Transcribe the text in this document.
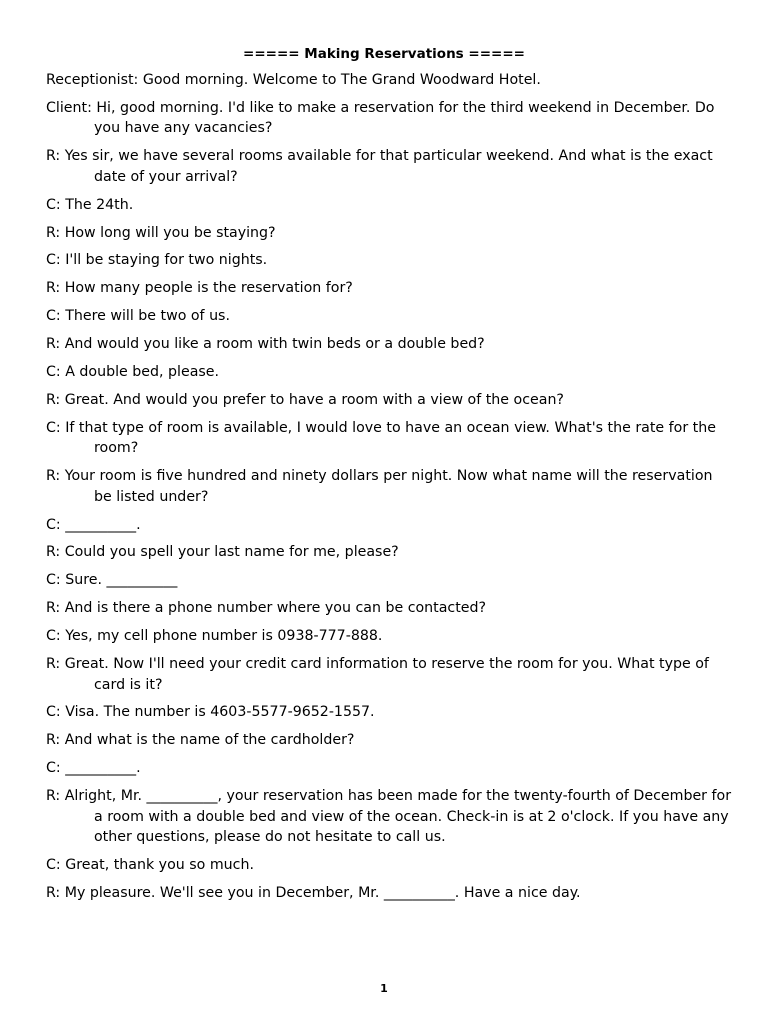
===== Making Reservations =====
Receptionist: Good morning. Welcome to The Grand Woodward Hotel.
Client: Hi, good morning. I'd like to make a reservation for the third weekend in December. Do you have any vacancies?
R: Yes sir, we have several rooms available for that particular weekend. And what is the exact date of your arrival?
C: The 24th.
R: How long will you be staying?
C: I'll be staying for two nights.
R: How many people is the reservation for?
C: There will be two of us.
R: And would you like a room with twin beds or a double bed?
C: A double bed, please.
R: Great. And would you prefer to have a room with a view of the ocean?
C: If that type of room is available, I would love to have an ocean view. What's the rate for the room?
R: Your room is five hundred and ninety dollars per night. Now what name will the reservation be listed under?
C: __________.
R: Could you spell your last name for me, please?
C: Sure. __________
R: And is there a phone number where you can be contacted?
C: Yes, my cell phone number is 0938-777-888.
R: Great. Now I'll need your credit card information to reserve the room for you. What type of card is it?
C: Visa. The number is 4603-5577-9652-1557.
R: And what is the name of the cardholder?
C: __________.
R: Alright, Mr. __________, your reservation has been made for the twenty-fourth of December for a room with a double bed and view of the ocean. Check-in is at 2 o'clock. If you have any other questions, please do not hesitate to call us.
C: Great, thank you so much.
R: My pleasure. We'll see you in December, Mr. __________. Have a nice day.
1
